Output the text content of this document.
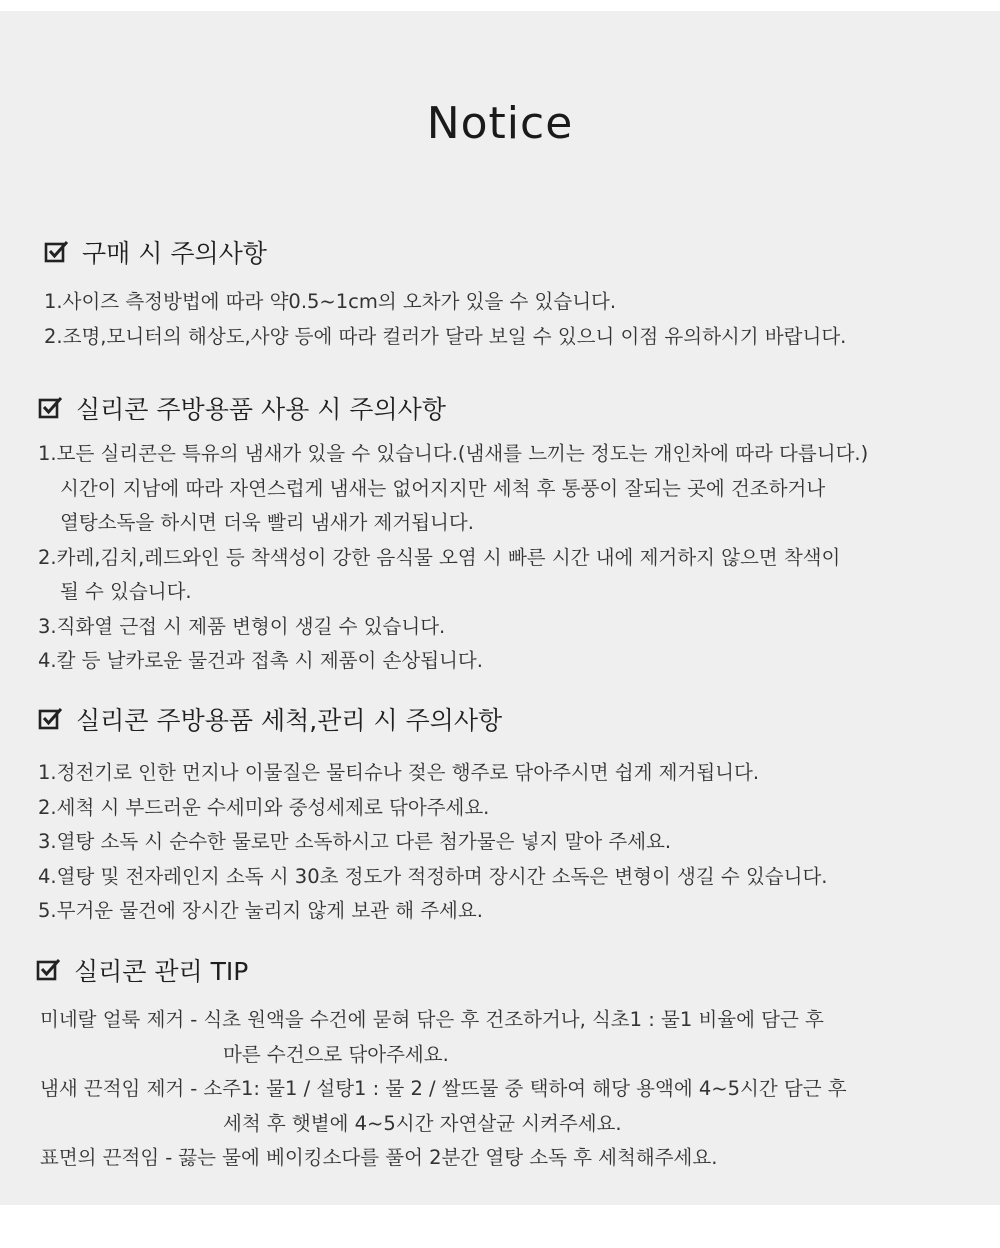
Notice
구매 시 주의사항
1.사이즈 측정방법에 따라 약0.5~1cm의 오차가 있을 수 있습니다.
2.조명,모니터의 해상도,사양 등에 따라 컬러가 달라 보일 수 있으니 이점 유의하시기 바랍니다.
실리콘 주방용품 사용 시 주의사항
1.모든 실리콘은 특유의 냄새가 있을 수 있습니다.(냄새를 느끼는 정도는 개인차에 따라 다릅니다.)
시간이 지남에 따라 자연스럽게 냄새는 없어지지만 세척 후 통풍이 잘되는 곳에 건조하거나
열탕소독을 하시면 더욱 빨리 냄새가 제거됩니다.
2.카레,김치,레드와인 등 착색성이 강한 음식물 오염 시 빠른 시간 내에 제거하지 않으면 착색이
될 수 있습니다.
3.직화열 근접 시 제품 변형이 생길 수 있습니다.
4.칼 등 날카로운 물건과 접촉 시 제품이 손상됩니다.
실리콘 주방용품 세척,관리 시 주의사항
1.정전기로 인한 먼지나 이물질은 물티슈나 젖은 행주로 닦아주시면 쉽게 제거됩니다.
2.세척 시 부드러운 수세미와 중성세제로 닦아주세요.
3.열탕 소독 시 순수한 물로만 소독하시고 다른 첨가물은 넣지 말아 주세요.
4.열탕 및 전자레인지 소독 시 30초 정도가 적정하며 장시간 소독은 변형이 생길 수 있습니다.
5.무거운 물건에 장시간 눌리지 않게 보관 해 주세요.
실리콘 관리 TIP
미네랄 얼룩 제거 - 식초 원액을 수건에 묻혀 닦은 후 건조하거나, 식초1 : 물1 비율에 담근 후
마른 수건으로 닦아주세요.
냄새 끈적임 제거 - 소주1: 물1 / 설탕1 : 물 2 / 쌀뜨물 중 택하여 해당 용액에 4~5시간 담근 후
세척 후 햇볕에 4~5시간 자연살균 시켜주세요.
표면의 끈적임 - 끓는 물에 베이킹소다를 풀어 2분간 열탕 소독 후 세척해주세요.
